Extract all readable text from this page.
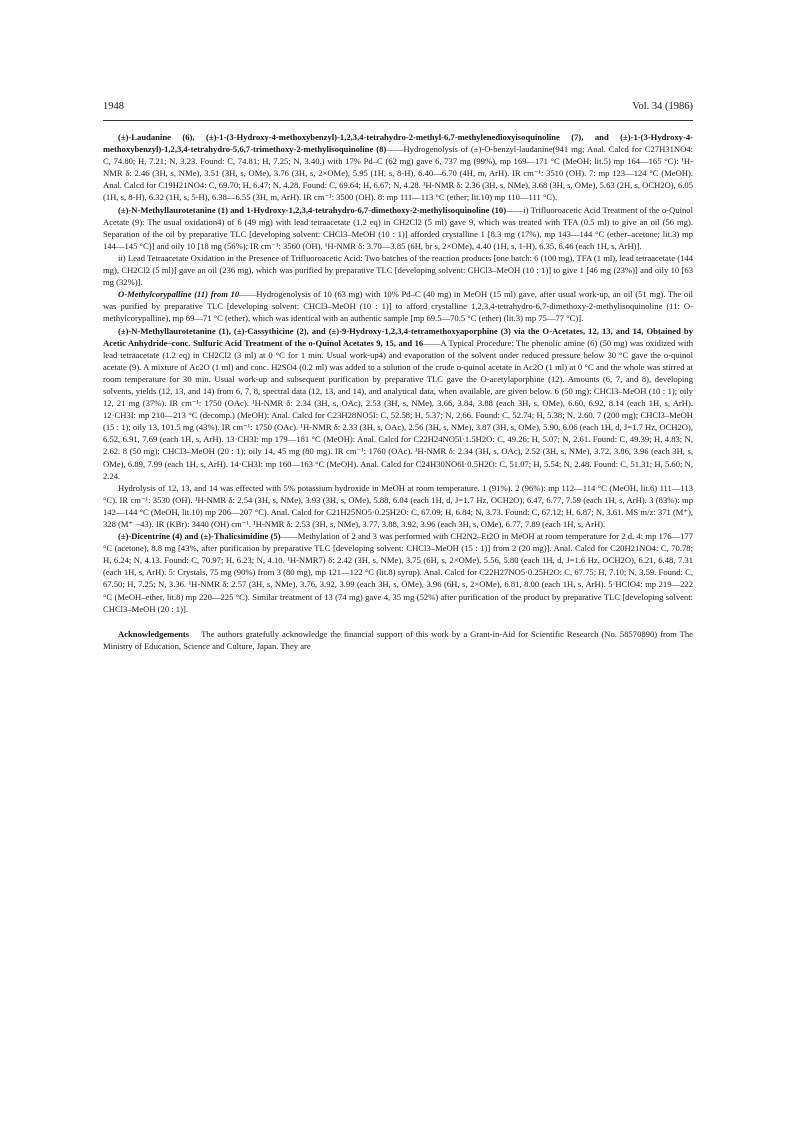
1948	Vol. 34 (1986)

(±)-Laudanine (6), (±)-1-(3-Hydroxy-4-methoxybenzyl)-1,2,3,4-tetrahydro-2-methyl-6,7-methylenedioxyisoquinoline (7), and (±)-1-(3-Hydroxy-4-methoxybenzyl)-1,2,3,4-tetrahydro-5,6,7-trimethoxy-2-methylisoquinoline (8)——Hydrogenolysis of (±)-O-benzyl-laudanine(941 mg; Anal. Calcd for C27H31NO4: C, 74.80; H, 7.21; N, 3.23. Found: C, 74.81; H, 7.25; N, 3.40.) with 17% Pd–C (62 mg) gave 6, 737 mg (99%), mp 169—171 °C (MeOH; lit.5) mp 164—165 °C): ¹H-NMR δ: 2.46 (3H, s, NMe), 3.51 (3H, s, OMe), 3.76 (3H, s, 2×OMe), 5.95 (1H, s, 8-H), 6.40—6.70 (4H, m, ArH). IR cm⁻¹: 3510 (OH). 7: mp 123—124 °C (MeOH). Anal. Calcd for C19H21NO4: C, 69.70; H, 6.47; N, 4.28. Found: C, 69.64; H, 6.67; N, 4.28. ¹H-NMR δ: 2.36 (3H, s, NMe), 3.68 (3H, s, OMe), 5.63 (2H, s, OCH2O), 6.05 (1H, s, 8-H), 6.32 (1H, s, 5-H), 6.38—6.55 (3H, m, ArH). IR cm⁻¹: 3500 (OH). 8: mp 111—113 °C (ether; lit.10) mp 110—111 °C).

(±)-N-Methyllaurotetanine (1) and 1-Hydroxy-1,2,3,4-tetrahydro-6,7-dimethoxy-2-methylisoquinoline (10)——i) Trifluoroacetic Acid Treatment of the o-Quinol Acetate (9): The usual oxidation4) of 6 (49 mg) with lead tetraacetate (1.2 eq) in CH2Cl2 (5 ml) gave 9, which was treated with TFA (0.5 ml) to give an oil (56 mg). Separation of the oil by preparative TLC [developing solvent: CHCl3–MeOH (10 : 1)] afforded crystalline 1 [8.3 mg (17%), mp 143—144 °C (ether–acetone; lit.3) mp 144—145 °C)] and oily 10 [18 mg (56%); IR cm⁻¹: 3560 (OH). ¹H-NMR δ: 3.70—3.85 (6H, br s, 2×OMe), 4.40 (1H, s, 1-H), 6.35, 6.46 (each 1H, s, ArH)].

ii) Lead Tetraacetate Oxidation in the Presence of Trifluoroacetic Acid: Two batches of the reaction products [one batch: 6 (100 mg), TFA (1 ml), lead tetraacetate (144 mg), CH2Cl2 (5 ml)] gave an oil (236 mg), which was purified by preparative TLC [developing solvent: CHCl3–MeOH (10 : 1)] to give 1 [46 mg (23%)] and oily 10 [63 mg (32%)].

O-Methylcorypalline (11) from 10——Hydrogenolysis of 10 (63 mg) with 10% Pd–C (40 mg) in MeOH (15 ml) gave, after usual work-up, an oil (51 mg). The oil was purified by preparative TLC [developing solvent: CHCl3–MeOH (10 : 1)] to afford crystalline 1,2,3,4-tetrahydro-6,7-dimethoxy-2-methylisoquinoline (11: O-methylcorypalline), mp 69—71 °C (ether), which was identical with an authentic sample [mp 69.5—70.5 °C (ether) (lit.3) mp 75—77 °C)].

(±)-N-Methyllaurotetanine (1), (±)-Cassythicine (2), and (±)-9-Hydroxy-1,2,3,4-tetramethoxyaporphine (3) via the O-Acetates, 12, 13, and 14, Obtained by Acetic Anhydride–conc. Sulfuric Acid Treatment of the o-Quinol Acetates 9, 15, and 16——A Typical Procedure: The phenolic amine (6) (50 mg) was oxidized with lead tetraacetate (1.2 eq) in CH2Cl2 (3 ml) at 0 °C for 1 min. Usual work-up4) and evaporation of the solvent under reduced pressure below 30 °C gave the o-quinol acetate (9). A mixture of Ac2O (1 ml) and conc. H2SO4 (0.2 ml) was added to a solution of the crude o-quinol acetate in Ac2O (1 ml) at 0 °C and the whole was stirred at room temperature for 30 min. Usual work-up and subsequent purification by preparative TLC gave the O-acetylaporphine (12). Amounts (6, 7, and 8), developing solvents, yields (12, 13, and 14) from 6, 7, 8, spectral data (12, 13, and 14), and analytical data, when available, are given below. 6 (50 mg): CHCl3–MeOH (10 : 1); oily 12, 21 mg (37%). IR cm⁻¹: 1750 (OAc). ¹H-NMR δ: 2.34 (3H, s, OAc), 2.53 (3H, s, NMe), 3.66, 3.84, 3.88 (each 3H, s, OMe), 6.60, 6.92, 8.14 (each 1H, s, ArH). 12·CH3I: mp 210—213 °C (decomp.) (MeOH): Anal. Calcd for C23H28NO5I: C, 52.58; H, 5.37; N, 2.66. Found: C, 52.74; H, 5.38; N, 2.60. 7 (200 mg); CHCl3–MeOH (15 : 1); oily 13, 101.5 mg (43%). IR cm⁻¹: 1750 (OAc). ¹H-NMR δ: 2.33 (3H, s, OAc), 2.56 (3H, s, NMe), 3.87 (3H, s, OMe), 5.90, 6.06 (each 1H, d, J=1.7 Hz, OCH2O), 6.52, 6.91, 7.69 (each 1H, s, ArH). 13·CH3I: mp 179—181 °C (MeOH): Anal. Calcd for C22H24NO5I·1.5H2O: C, 49.26; H, 5.07; N, 2.61. Found: C, 49.39; H, 4.83; N, 2.62. 8 (50 mg); CHCl3–MeOH (20 : 1); oily 14, 45 mg (80 mg). IR cm⁻¹: 1760 (OAc). ¹H-NMR δ: 2.34 (3H, s, OAc), 2.52 (3H, s, NMe), 3.72, 3.86, 3.96 (each 3H, s, OMe), 6.89, 7.99 (each 1H, s, ArH). 14·CH3I: mp 160—163 °C (MeOH). Anal. Calcd for C24H30NO6I·0.5H2O: C, 51.07; H, 5.54; N, 2.48. Found: C, 51.31; H, 5.60; N, 2.24.

Hydrolysis of 12, 13, and 14 was effected with 5% potassium hydroxide in MeOH at room temperature. 1 (91%). 2 (96%): mp 112—114 °C (MeOH, lit.6) 111—113 °C). IR cm⁻¹: 3530 (OH). ¹H-NMR δ: 2.54 (3H, s, NMe), 3.93 (3H, s, OMe), 5.88, 6.04 (each 1H, d, J=1.7 Hz, OCH2O), 6.47, 6.77, 7.59 (each 1H, s, ArH). 3 (83%): mp 142—144 °C (MeOH, lit.10) mp 206—207 °C). Anal. Calcd for C21H25NO5·0.25H2O: C, 67.09; H, 6.84; N, 3.73. Found: C, 67.12; H, 6.87; N, 3.61. MS m/z: 371 (M⁺), 328 (M⁺ −43). IR (KBr): 3440 (OH) cm⁻¹. ¹H-NMR δ: 2.53 (3H, s, NMe), 3.77, 3.88, 3.92, 3.96 (each 3H, s, OMe), 6.77, 7.89 (each 1H, s, ArH).

(±)-Dicentrine (4) and (±)-Thalicsimidine (5)——Methylation of 2 and 3 was performed with CH2N2–Et2O in MeOH at room temperature for 2 d. 4: mp 176—177 °C (acetone), 8.8 mg [43%, after purification by preparative TLC [developing solvent: CHCl3–MeOH (15 : 1)] from 2 (20 mg)]. Anal. Calcd for C20H21NO4: C, 70.78; H, 6.24; N, 4.13. Found: C, 70.97; H, 6.23; N, 4.10. ¹H-NMR7) δ: 2.42 (3H, s, NMe), 3.75 (6H, s, 2×OMe), 5.56, 5.80 (each 1H, d, J=1.6 Hz, OCH2O), 6.21, 6.48, 7.31 (each 1H, s, ArH). 5: Crystals, 75 mg (90%) from 3 (80 mg), mp 121—122 °C (lit.8) syrup). Anal. Calcd for C22H27NO5·0.25H2O: C, 67.75; H, 7.10; N, 3.59. Found: C, 67.50; H, 7.25; N, 3.36. ¹H-NMR δ: 2.57 (3H, s, NMe), 3.76, 3.92, 3.99 (each 3H, s, OMe), 3.96 (6H, s, 2×OMe), 6.81, 8.00 (each 1H, s, ArH). 5·HClO4: mp 219—222 °C (MeOH–ether, lit.8) mp 220—225 °C). Similar treatment of 13 (74 mg) gave 4, 35 mg (52%) after purification of the product by preparative TLC [developing solvent: CHCl3–MeOH (20 : 1)].

Acknowledgements The authors gratefully acknowledge the financial support of this work by a Grant-in-Aid for Scientific Research (No. 58570890) from The Ministry of Education, Science and Culture, Japan. They are
